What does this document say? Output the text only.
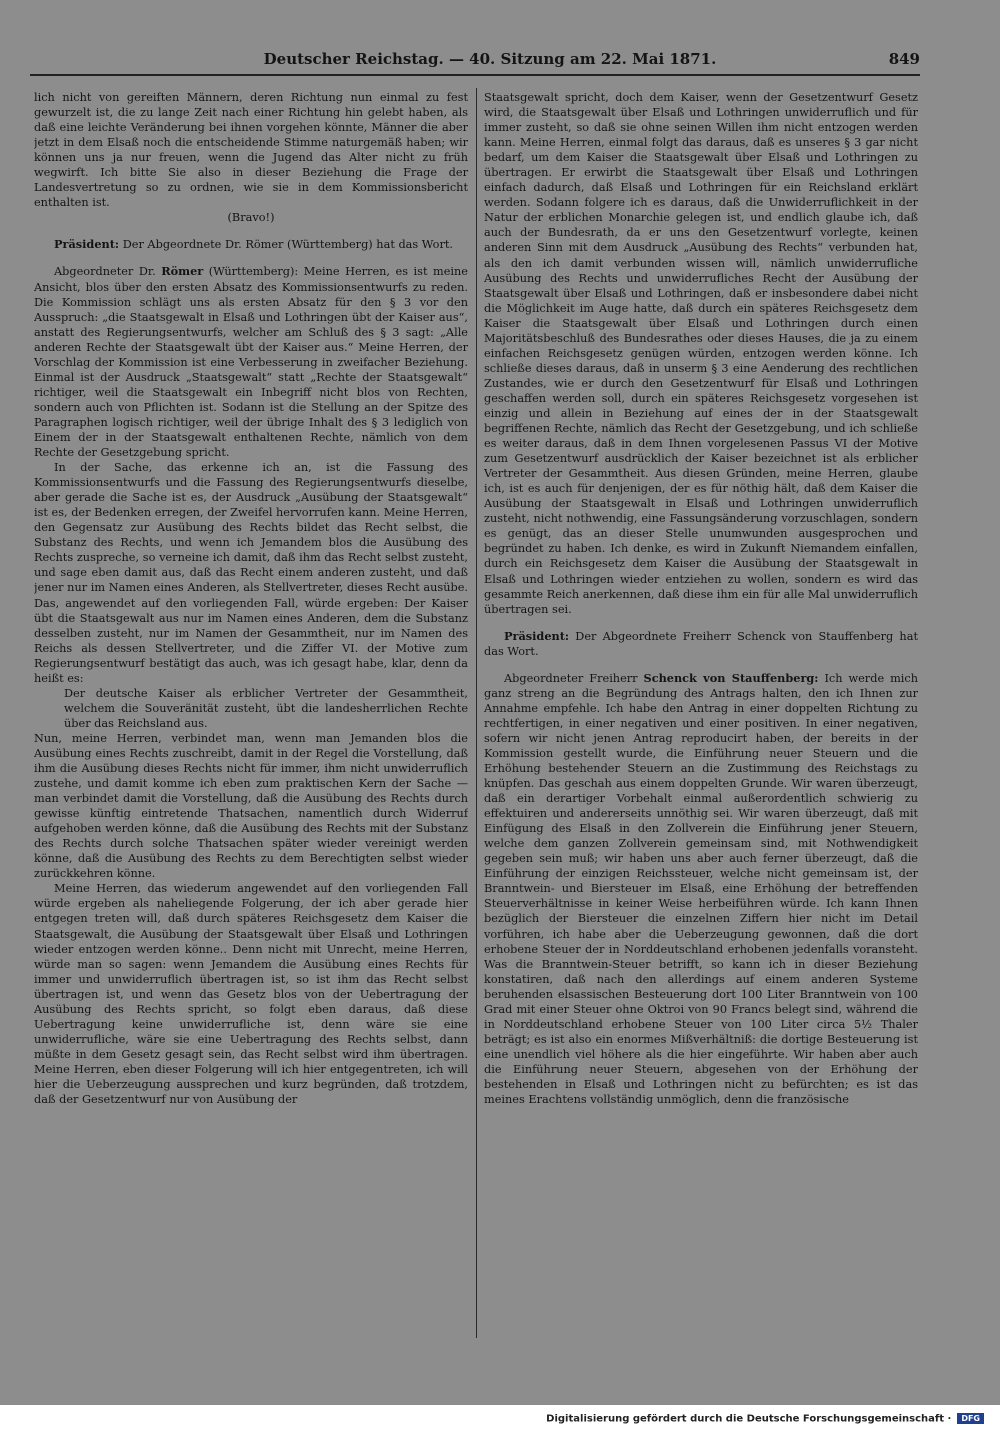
Deutscher Reichstag. — 40. Sitzung am 22. Mai 1871.	849

lich nicht von gereiften Männern, deren Richtung nun einmal zu fest gewurzelt ist, die zu lange Zeit nach einer Richtung hin gelebt haben, als daß eine leichte Veränderung bei ihnen vorgehen könnte, Männer die aber jetzt in dem Elsaß noch die entscheidende Stimme naturgemäß haben; wir können uns ja nur freuen, wenn die Jugend das Alter nicht zu früh wegwirft. Ich bitte Sie also in dieser Beziehung die Frage der Landesvertretung so zu ordnen, wie sie in dem Kommissionsbericht enthalten ist.

(Bravo!)

Präsident: Der Abgeordnete Dr. Römer (Württemberg) hat das Wort.

Abgeordneter Dr. Römer (Württemberg): Meine Herren, es ist meine Ansicht, blos über den ersten Absatz des Kommissionsentwurfs zu reden. Die Kommission schlägt uns als ersten Absatz für den § 3 vor den Ausspruch: „die Staatsgewalt in Elsaß und Lothringen übt der Kaiser aus“, anstatt des Regierungsentwurfs, welcher am Schluß des § 3 sagt: „Alle anderen Rechte der Staatsgewalt übt der Kaiser aus.“ Meine Herren, der Vorschlag der Kommission ist eine Verbesserung in zweifacher Beziehung. Einmal ist der Ausdruck „Staatsgewalt“ statt „Rechte der Staatsgewalt“ richtiger, weil die Staatsgewalt ein Inbegriff nicht blos von Rechten, sondern auch von Pflichten ist. Sodann ist die Stellung an der Spitze des Paragraphen logisch richtiger, weil der übrige Inhalt des § 3 lediglich von Einem der in der Staatsgewalt enthaltenen Rechte, nämlich von dem Rechte der Gesetzgebung spricht.

In der Sache, das erkenne ich an, ist die Fassung des Kommissionsentwurfs und die Fassung des Regierungsentwurfs dieselbe, aber gerade die Sache ist es, der Ausdruck „Ausübung der Staatsgewalt“ ist es, der Bedenken erregen, der Zweifel hervorrufen kann. Meine Herren, den Gegensatz zur Ausübung des Rechts bildet das Recht selbst, die Substanz des Rechts, und wenn ich Jemandem blos die Ausübung des Rechts zuspreche, so verneine ich damit, daß ihm das Recht selbst zusteht, und sage eben damit aus, daß das Recht einem anderen zusteht, und daß jener nur im Namen eines Anderen, als Stellvertreter, dieses Recht ausübe. Das, angewendet auf den vorliegenden Fall, würde ergeben: Der Kaiser übt die Staatsgewalt aus nur im Namen eines Anderen, dem die Substanz desselben zusteht, nur im Namen der Gesammtheit, nur im Namen des Reichs als dessen Stellvertreter, und die Ziffer VI. der Motive zum Regierungsentwurf bestätigt das auch, was ich gesagt habe, klar, denn da heißt es:

Der deutsche Kaiser als erblicher Vertreter der Gesammtheit, welchem die Souveränität zusteht, übt die landesherrlichen Rechte über das Reichsland aus.

Nun, meine Herren, verbindet man, wenn man Jemanden blos die Ausübung eines Rechts zuschreibt, damit in der Regel die Vorstellung, daß ihm die Ausübung dieses Rechts nicht für immer, ihm nicht unwiderruflich zustehe, und damit komme ich eben zum praktischen Kern der Sache — man verbindet damit die Vorstellung, daß die Ausübung des Rechts durch gewisse künftig eintretende Thatsachen, namentlich durch Widerruf aufgehoben werden könne, daß die Ausübung des Rechts mit der Substanz des Rechts durch solche Thatsachen später wieder vereinigt werden könne, daß die Ausübung des Rechts zu dem Berechtigten selbst wieder zurückkehren könne.

Meine Herren, das wiederum angewendet auf den vorliegenden Fall würde ergeben als naheliegende Folgerung, der ich aber gerade hier entgegen treten will, daß durch späteres Reichsgesetz dem Kaiser die Staatsgewalt, die Ausübung der Staatsgewalt über Elsaß und Lothringen wieder entzogen werden könne.. Denn nicht mit Unrecht, meine Herren, würde man so sagen: wenn Jemandem die Ausübung eines Rechts für immer und unwiderruflich übertragen ist, so ist ihm das Recht selbst übertragen ist, und wenn das Gesetz blos von der Uebertragung der Ausübung des Rechts spricht, so folgt eben daraus, daß diese Uebertragung keine unwiderrufliche ist, denn wäre sie eine unwiderrufliche, wäre sie eine Uebertragung des Rechts selbst, dann müßte in dem Gesetz gesagt sein, das Recht selbst wird ihm übertragen. Meine Herren, eben dieser Folgerung will ich hier entgegentreten, ich will hier die Ueberzeugung aussprechen und kurz begründen, daß trotzdem, daß der Gesetzentwurf nur von Ausübung der

Staatsgewalt spricht, doch dem Kaiser, wenn der Gesetzentwurf Gesetz wird, die Staatsgewalt über Elsaß und Lothringen unwiderruflich und für immer zusteht, so daß sie ohne seinen Willen ihm nicht entzogen werden kann. Meine Herren, einmal folgt das daraus, daß es unseres § 3 gar nicht bedarf, um dem Kaiser die Staatsgewalt über Elsaß und Lothringen zu übertragen. Er erwirbt die Staatsgewalt über Elsaß und Lothringen einfach dadurch, daß Elsaß und Lothringen für ein Reichsland erklärt werden. Sodann folgere ich es daraus, daß die Unwiderruflichkeit in der Natur der erblichen Monarchie gelegen ist, und endlich glaube ich, daß auch der Bundesrath, da er uns den Gesetzentwurf vorlegte, keinen anderen Sinn mit dem Ausdruck „Ausübung des Rechts“ verbunden hat, als den ich damit verbunden wissen will, nämlich unwiderrufliche Ausübung des Rechts und unwiderrufliches Recht der Ausübung der Staatsgewalt über Elsaß und Lothringen, daß er insbesondere dabei nicht die Möglichkeit im Auge hatte, daß durch ein späteres Reichsgesetz dem Kaiser die Staatsgewalt über Elsaß und Lothringen durch einen Majoritätsbeschluß des Bundesrathes oder dieses Hauses, die ja zu einem einfachen Reichsgesetz genügen würden, entzogen werden könne. Ich schließe dieses daraus, daß in unserm § 3 eine Aenderung des rechtlichen Zustandes, wie er durch den Gesetzentwurf für Elsaß und Lothringen geschaffen werden soll, durch ein späteres Reichsgesetz vorgesehen ist einzig und allein in Beziehung auf eines der in der Staatsgewalt begriffenen Rechte, nämlich das Recht der Gesetzgebung, und ich schließe es weiter daraus, daß in dem Ihnen vorgelesenen Passus VI der Motive zum Gesetzentwurf ausdrücklich der Kaiser bezeichnet ist als erblicher Vertreter der Gesammtheit. Aus diesen Gründen, meine Herren, glaube ich, ist es auch für denjenigen, der es für nöthig hält, daß dem Kaiser die Ausübung der Staatsgewalt in Elsaß und Lothringen unwiderruflich zusteht, nicht nothwendig, eine Fassungsänderung vorzuschlagen, sondern es genügt, das an dieser Stelle unumwunden ausgesprochen und begründet zu haben. Ich denke, es wird in Zukunft Niemandem einfallen, durch ein Reichsgesetz dem Kaiser die Ausübung der Staatsgewalt in Elsaß und Lothringen wieder entziehen zu wollen, sondern es wird das gesammte Reich anerkennen, daß diese ihm ein für alle Mal unwiderruflich übertragen sei.

Präsident: Der Abgeordnete Freiherr Schenck von Stauffenberg hat das Wort.

Abgeordneter Freiherr Schenck von Stauffenberg: Ich werde mich ganz streng an die Begründung des Antrags halten, den ich Ihnen zur Annahme empfehle. Ich habe den Antrag in einer doppelten Richtung zu rechtfertigen, in einer negativen und einer positiven. In einer negativen, sofern wir nicht jenen Antrag reproducirt haben, der bereits in der Kommission gestellt wurde, die Einführung neuer Steuern und die Erhöhung bestehender Steuern an die Zustimmung des Reichstags zu knüpfen. Das geschah aus einem doppelten Grunde. Wir waren überzeugt, daß ein derartiger Vorbehalt einmal außerordentlich schwierig zu effektuiren und andererseits unnöthig sei. Wir waren überzeugt, daß mit Einfügung des Elsaß in den Zollverein die Einführung jener Steuern, welche dem ganzen Zollverein gemeinsam sind, mit Nothwendigkeit gegeben sein muß; wir haben uns aber auch ferner überzeugt, daß die Einführung der einzigen Reichssteuer, welche nicht gemeinsam ist, der Branntwein- und Biersteuer im Elsaß, eine Erhöhung der betreffenden Steuerverhältnisse in keiner Weise herbeiführen würde. Ich kann Ihnen bezüglich der Biersteuer die einzelnen Ziffern hier nicht im Detail vorführen, ich habe aber die Ueberzeugung gewonnen, daß die dort erhobene Steuer der in Norddeutschland erhobenen jedenfalls voransteht. Was die Branntwein-Steuer betrifft, so kann ich in dieser Beziehung konstatiren, daß nach den allerdings auf einem anderen Systeme beruhenden elsassischen Besteuerung dort 100 Liter Branntwein von 100 Grad mit einer Steuer ohne Oktroi von 90 Francs belegt sind, während die in Norddeutschland erhobene Steuer von 100 Liter circa 5½ Thaler beträgt; es ist also ein enormes Mißverhältniß: die dortige Besteuerung ist eine unendlich viel höhere als die hier eingeführte. Wir haben aber auch die Einführung neuer Steuern, abgesehen von der Erhöhung der bestehenden in Elsaß und Lothringen nicht zu befürchten; es ist das meines Erachtens vollständig unmöglich, denn die französische

Digitalisierung gefördert durch die Deutsche Forschungsgemeinschaft · DFG
